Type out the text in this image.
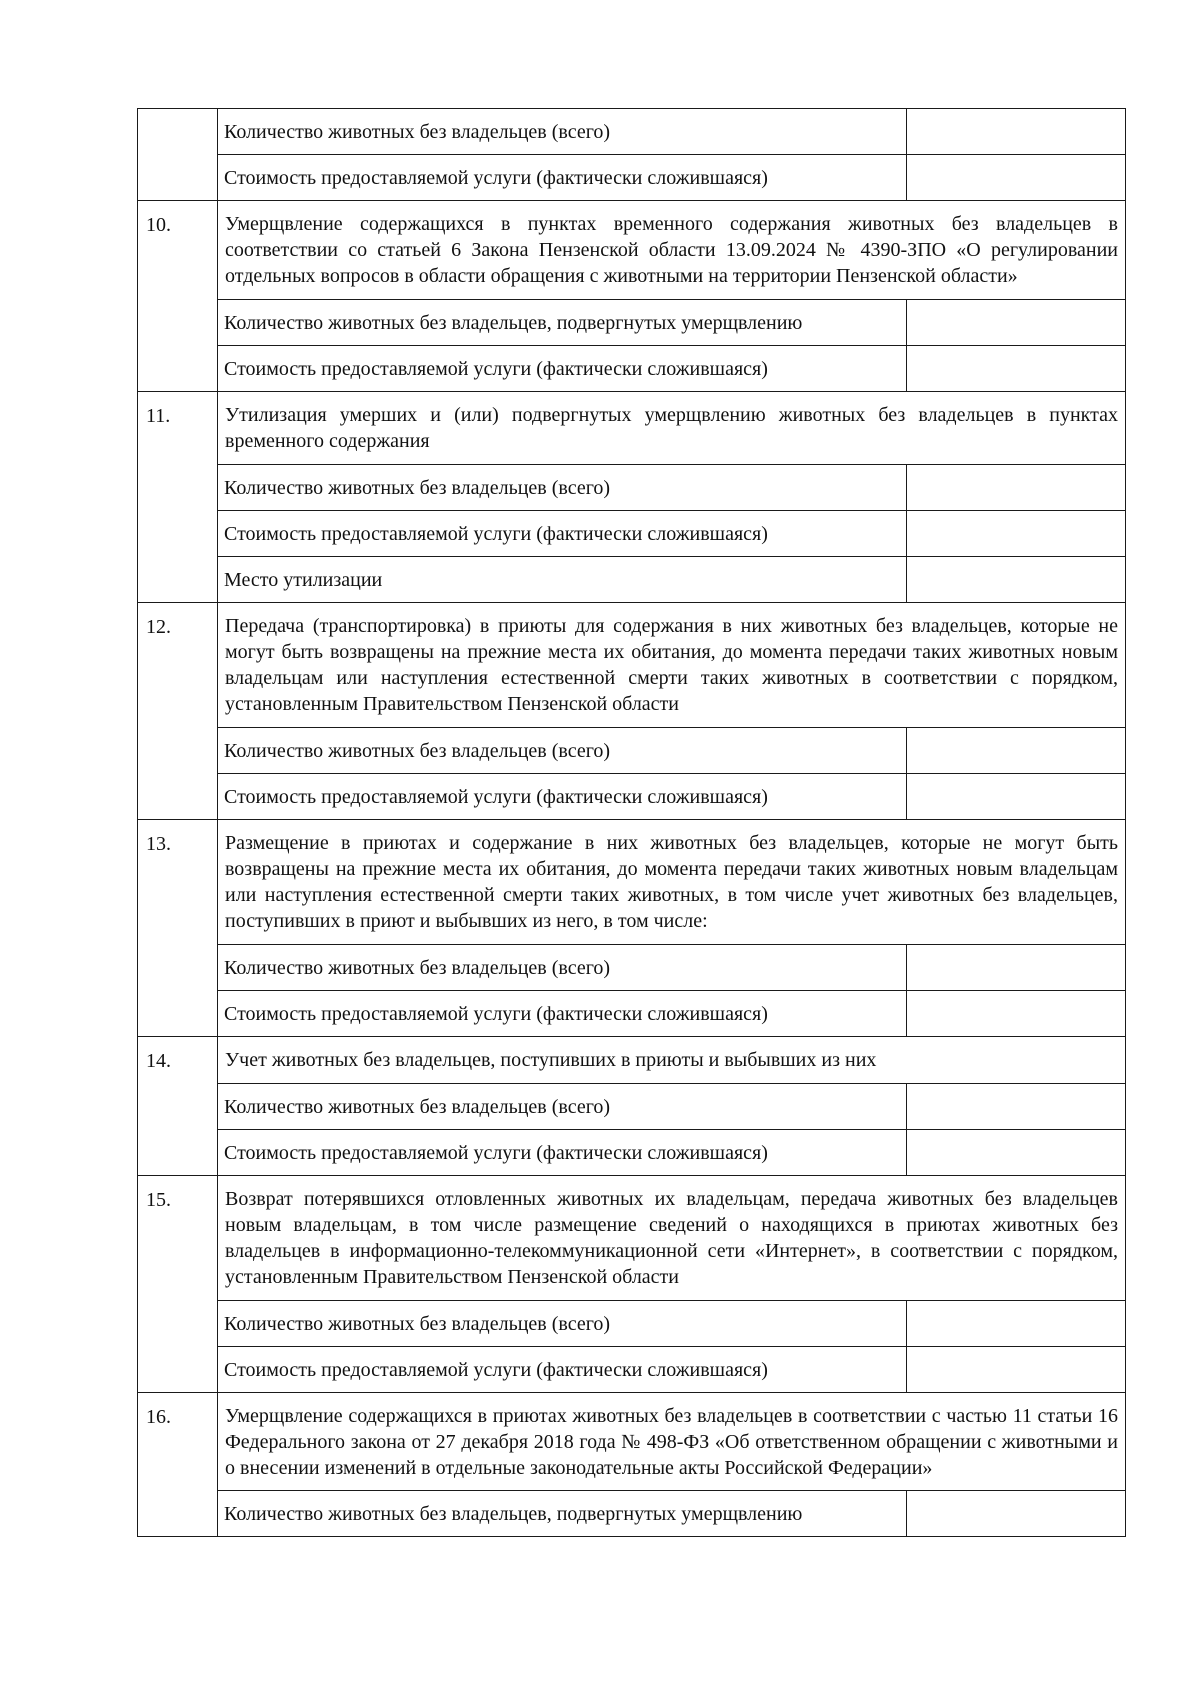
	Количество животных без владельцев (всего)	
	Стоимость предоставляемой услуги (фактически сложившаяся)	
10.	Умерщвление содержащихся в пунктах временного содержания животных без владельцев в соответствии со статьей 6 Закона Пензенской области 13.09.2024 № 4390-ЗПО «О регулировании отдельных вопросов в области обращения с животными на территории Пензенской области»	
	Количество животных без владельцев, подвергнутых умерщвлению	
	Стоимость предоставляемой услуги (фактически сложившаяся)	
11.	Утилизация умерших и (или) подвергнутых умерщвлению животных без владельцев в пунктах временного содержания	
	Количество животных без владельцев (всего)	
	Стоимость предоставляемой услуги (фактически сложившаяся)	
	Место утилизации	
12.	Передача (транспортировка) в приюты для содержания в них животных без владельцев, которые не могут быть возвращены на прежние места их обитания, до момента передачи таких животных новым владельцам или наступления естественной смерти таких животных в соответствии с порядком, установленным Правительством Пензенской области	
	Количество животных без владельцев (всего)	
	Стоимость предоставляемой услуги (фактически сложившаяся)	
13.	Размещение в приютах и содержание в них животных без владельцев, которые не могут быть возвращены на прежние места их обитания, до момента передачи таких животных новым владельцам или наступления естественной смерти таких животных, в том числе учет животных без владельцев, поступивших в приют и выбывших из него, в том числе:	
	Количество животных без владельцев (всего)	
	Стоимость предоставляемой услуги (фактически сложившаяся)	
14.	Учет животных без владельцев, поступивших в приюты и выбывших из них	
	Количество животных без владельцев (всего)	
	Стоимость предоставляемой услуги (фактически сложившаяся)	
15.	Возврат потерявшихся отловленных животных их владельцам, передача животных без владельцев новым владельцам, в том числе размещение сведений о находящихся в приютах животных без владельцев в информационно-телекоммуникационной сети «Интернет», в соответствии с порядком, установленным Правительством Пензенской области	
	Количество животных без владельцев (всего)	
	Стоимость предоставляемой услуги (фактически сложившаяся)	
16.	Умерщвление содержащихся в приютах животных без владельцев в соответствии с частью 11 статьи 16 Федерального закона от 27 декабря 2018 года № 498-ФЗ «Об ответственном обращении с животными и о внесении изменений в отдельные законодательные акты Российской Федерации»	
	Количество животных без владельцев, подвергнутых умерщвлению	
